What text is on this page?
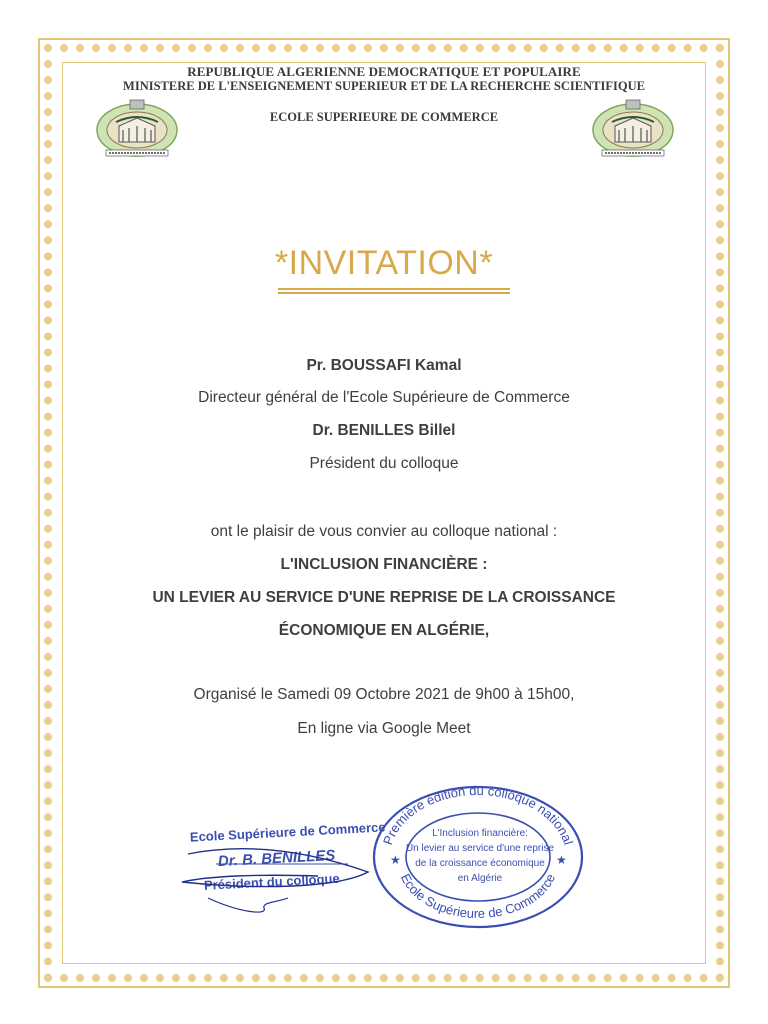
REPUBLIQUE ALGERIENNE DEMOCRATIQUE ET POPULAIRE
MINISTERE DE L'ENSEIGNEMENT SUPERIEUR ET DE LA RECHERCHE SCIENTIFIQUE
ECOLE SUPERIEURE DE COMMERCE
*INVITATION*
Pr. BOUSSAFI Kamal
Directeur général de l'Ecole Supérieure de Commerce
Dr. BENILLES Billel
Président du colloque
ont le plaisir de vous convier au colloque national :
L'INCLUSION FINANCIÈRE :
UN LEVIER AU SERVICE D'UNE REPRISE DE LA CROISSANCE
ÉCONOMIQUE EN ALGÉRIE,
Organisé le Samedi 09 Octobre 2021 de 9h00 à 15h00,
En ligne via Google Meet
Ecole Supérieure de Commerce
Dr. B. BENILLES
Président du colloque
Première édition du colloque national
Ecole Supérieure de Commerce
★	★
L'Inclusion financière:
Un levier au service d'une reprise
de la croissance économique
en Algérie
